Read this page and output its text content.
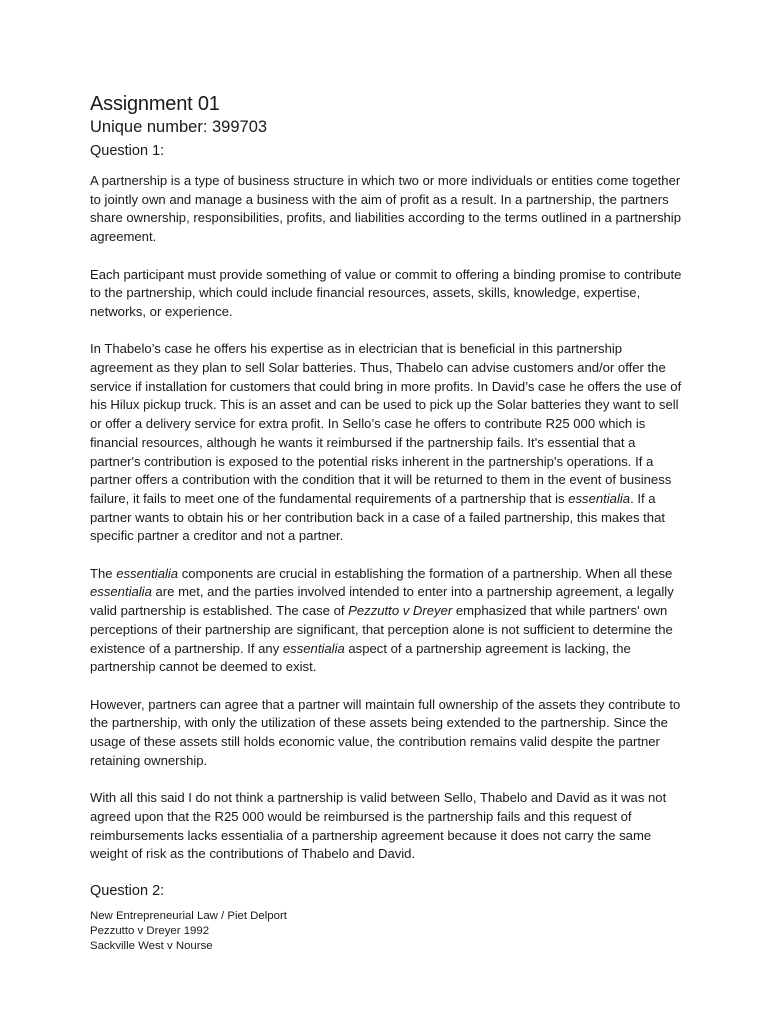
Assignment 01
Unique number: 399703
Question 1:

A partnership is a type of business structure in which two or more individuals or entities come together to jointly own and manage a business with the aim of profit as a result. In a partnership, the partners share ownership, responsibilities, profits, and liabilities according to the terms outlined in a partnership agreement.

Each participant must provide something of value or commit to offering a binding promise to contribute to the partnership, which could include financial resources, assets, skills, knowledge, expertise, networks, or experience.

In Thabelo’s case he offers his expertise as in electrician that is beneficial in this partnership agreement as they plan to sell Solar batteries. Thus, Thabelo can advise customers and/or offer the service if installation for customers that could bring in more profits. In David’s case he offers the use of his Hilux pickup truck. This is an asset and can be used to pick up the Solar batteries they want to sell or offer a delivery service for extra profit. In Sello’s case he offers to contribute R25 000 which is financial resources, although he wants it reimbursed if the partnership fails. It's essential that a partner's contribution is exposed to the potential risks inherent in the partnership's operations. If a partner offers a contribution with the condition that it will be returned to them in the event of business failure, it fails to meet one of the fundamental requirements of a partnership that is essentialia. If a partner wants to obtain his or her contribution back in a case of a failed partnership, this makes that specific partner a creditor and not a partner.

The essentialia components are crucial in establishing the formation of a partnership. When all these essentialia are met, and the parties involved intended to enter into a partnership agreement, a legally valid partnership is established. The case of Pezzutto v Dreyer emphasized that while partners' own perceptions of their partnership are significant, that perception alone is not sufficient to determine the existence of a partnership. If any essentialia aspect of a partnership agreement is lacking, the partnership cannot be deemed to exist.

However, partners can agree that a partner will maintain full ownership of the assets they contribute to the partnership, with only the utilization of these assets being extended to the partnership. Since the usage of these assets still holds economic value, the contribution remains valid despite the partner retaining ownership.

With all this said I do not think a partnership is valid between Sello, Thabelo and David as it was not agreed upon that the R25 000 would be reimbursed is the partnership fails and this request of reimbursements lacks essentialia of a partnership agreement because it does not carry the same weight of risk as the contributions of Thabelo and David.

Question 2:
New Entrepreneurial Law / Piet Delport
Pezzutto v Dreyer 1992
Sackville West v Nourse
